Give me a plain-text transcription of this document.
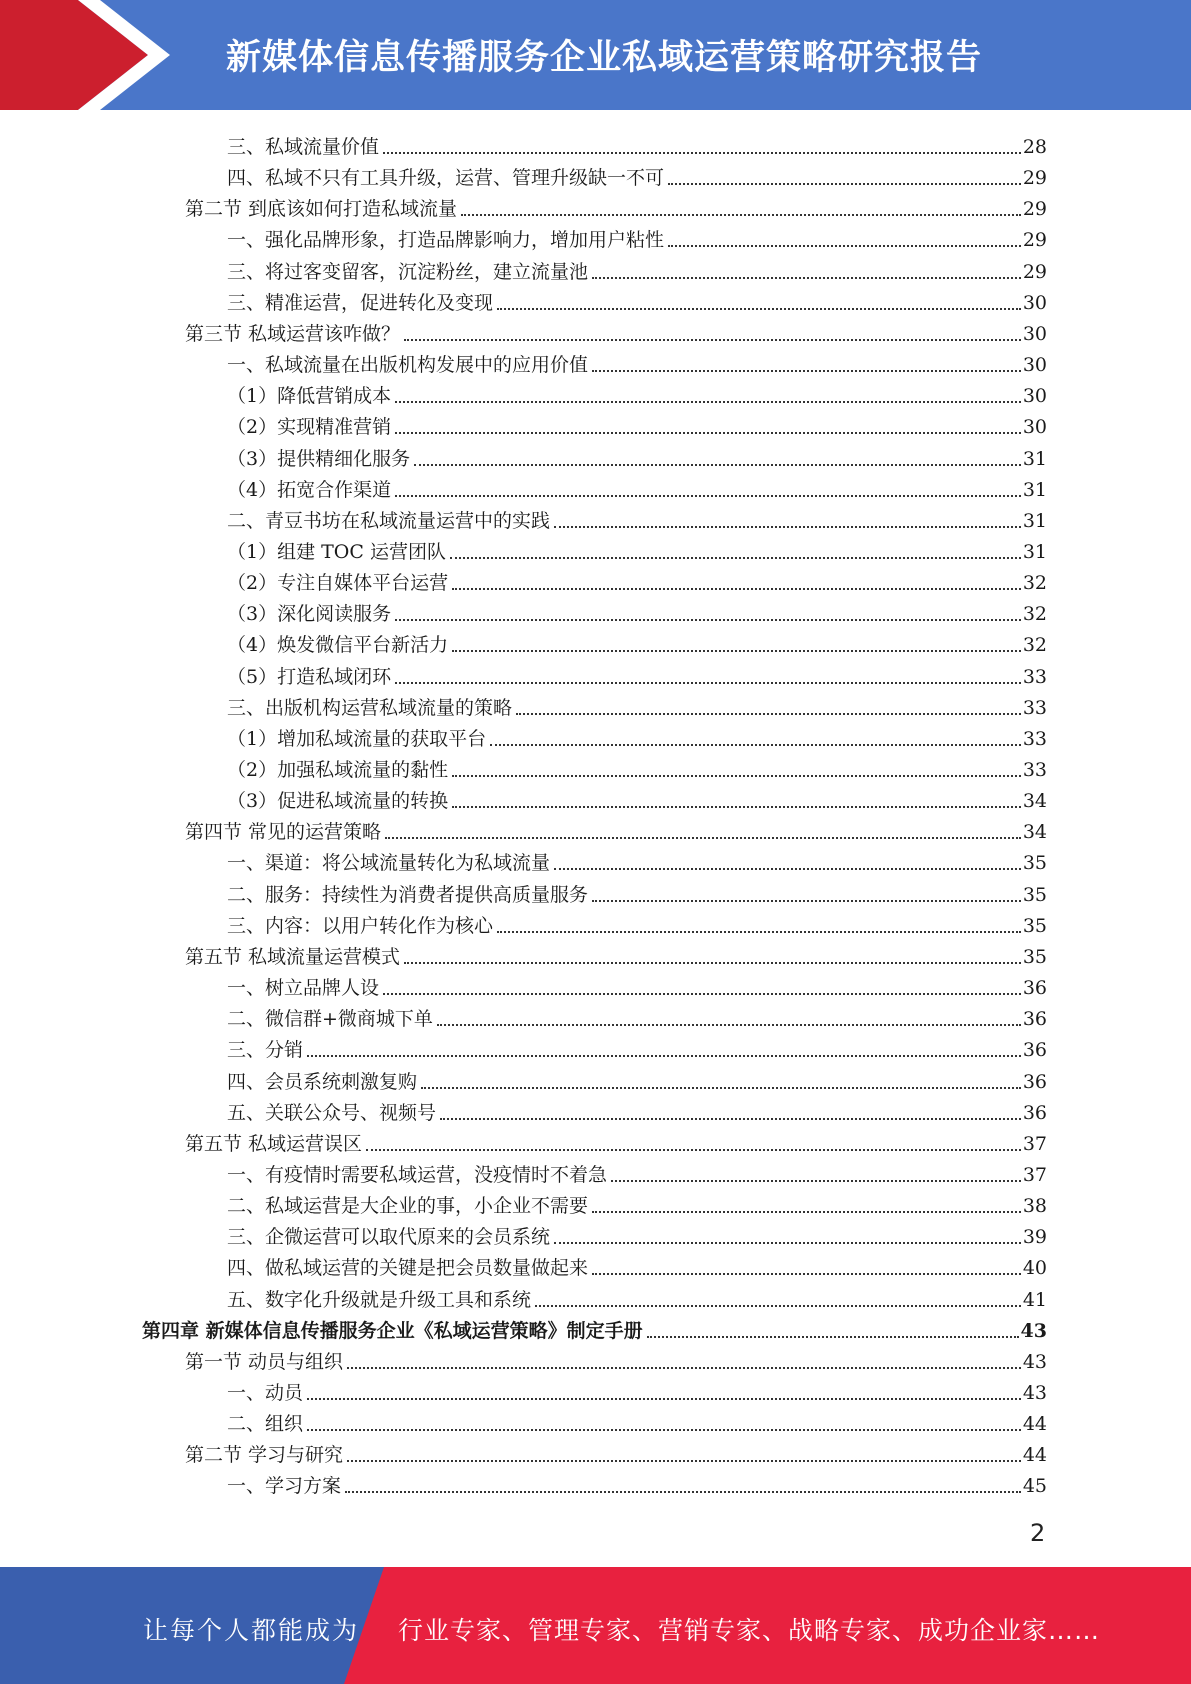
新媒体信息传播服务企业私域运营策略研究报告
三、私域流量价值	28
四、私域不只有工具升级，运营、管理升级缺一不可	29
第二节 到底该如何打造私域流量	29
一、强化品牌形象，打造品牌影响力，增加用户粘性	29
三、将过客变留客，沉淀粉丝，建立流量池	29
三、精准运营，促进转化及变现	30
第三节 私域运营该咋做？	30
一、私域流量在出版机构发展中的应用价值	30
（1）降低营销成本	30
（2）实现精准营销	30
（3）提供精细化服务	31
（4）拓宽合作渠道	31
二、青豆书坊在私域流量运营中的实践	31
（1）组建 TOC 运营团队	31
（2）专注自媒体平台运营	32
（3）深化阅读服务	32
（4）焕发微信平台新活力	32
（5）打造私域闭环	33
三、出版机构运营私域流量的策略	33
（1）增加私域流量的获取平台	33
（2）加强私域流量的黏性	33
（3）促进私域流量的转换	34
第四节 常见的运营策略	34
一、渠道：将公域流量转化为私域流量	35
二、服务：持续性为消费者提供高质量服务	35
三、内容：以用户转化作为核心	35
第五节 私域流量运营模式	35
一、树立品牌人设	36
二、微信群+微商城下单	36
三、分销	36
四、会员系统刺激复购	36
五、关联公众号、视频号	36
第五节 私域运营误区	37
一、有疫情时需要私域运营，没疫情时不着急	37
二、私域运营是大企业的事，小企业不需要	38
三、企微运营可以取代原来的会员系统	39
四、做私域运营的关键是把会员数量做起来	40
五、数字化升级就是升级工具和系统	41
第四章 新媒体信息传播服务企业《私域运营策略》制定手册	43
第一节 动员与组织	43
一、动员	43
二、组织	44
第二节 学习与研究	44
一、学习方案	45
2
让每个人都能成为 行业专家、管理专家、营销专家、战略专家、成功企业家……
